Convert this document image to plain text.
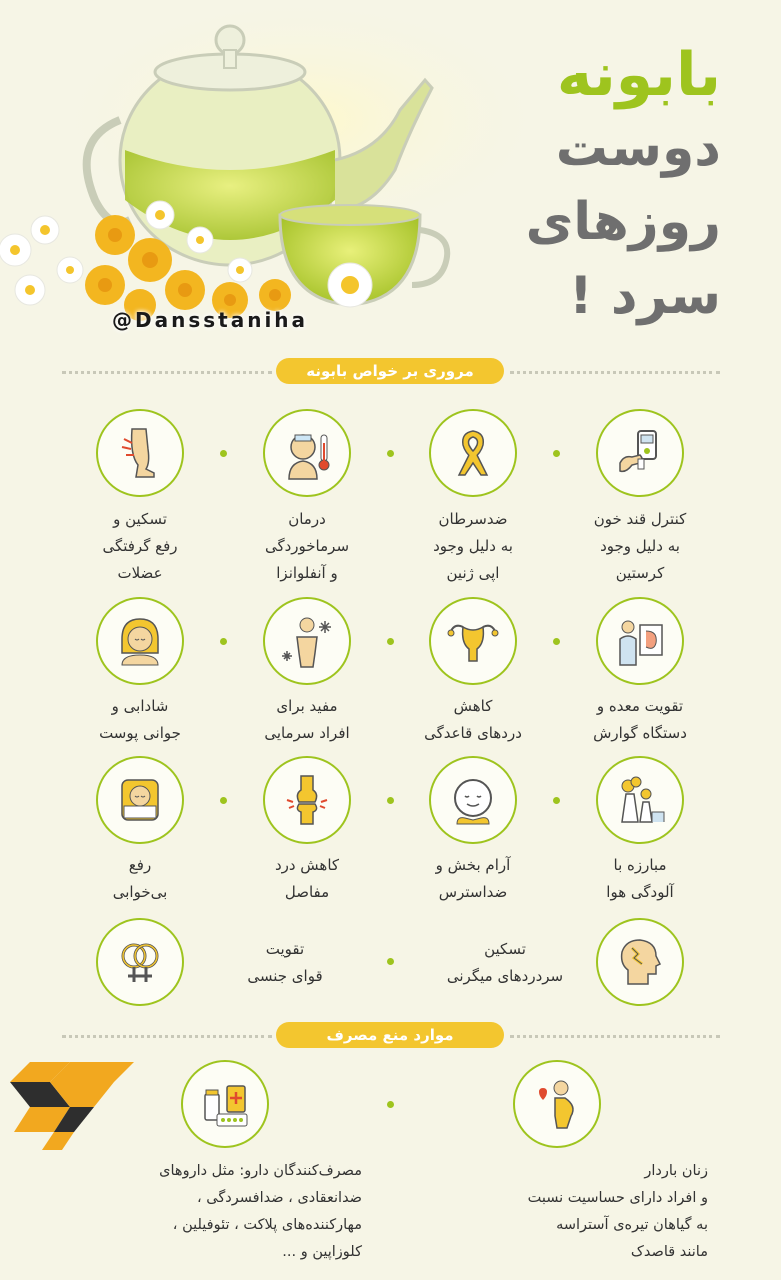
بابونه
دوست
روزهای
سرد !
@Dansstaniha
مروری بر خواص بابونه
کنترل قند خون
به دلیل وجود
کرستین
ضدسرطان
به دلیل وجود
اپی ژنین
درمان
سرماخوردگی
و آنفلوانزا
تسکین و
رفع گرفتگی
عضلات
تقویت معده و
دستگاه گوارش
کاهش
دردهای قاعدگی
مفید برای
افراد سرمایی
شادابی و
جوانی پوست
مبارزه با
آلودگی هوا
آرام بخش و
ضداسترس
کاهش درد
مفاصل
رفع
بی‌خوابی
تسکین
سردردهای میگرنی
تقویت
قوای جنسی
موارد منع مصرف
زنان باردار
و افراد دارای حساسیت نسبت
به گیاهان تیره‌ی آستراسه
مانند قاصدک
مصرف‌کنندگان دارو: مثل داروهای
ضدانعقادی ، ضدافسردگی ،
مهارکننده‌های پلاکت ، تئوفیلین ،
کلوزاپین و ...
